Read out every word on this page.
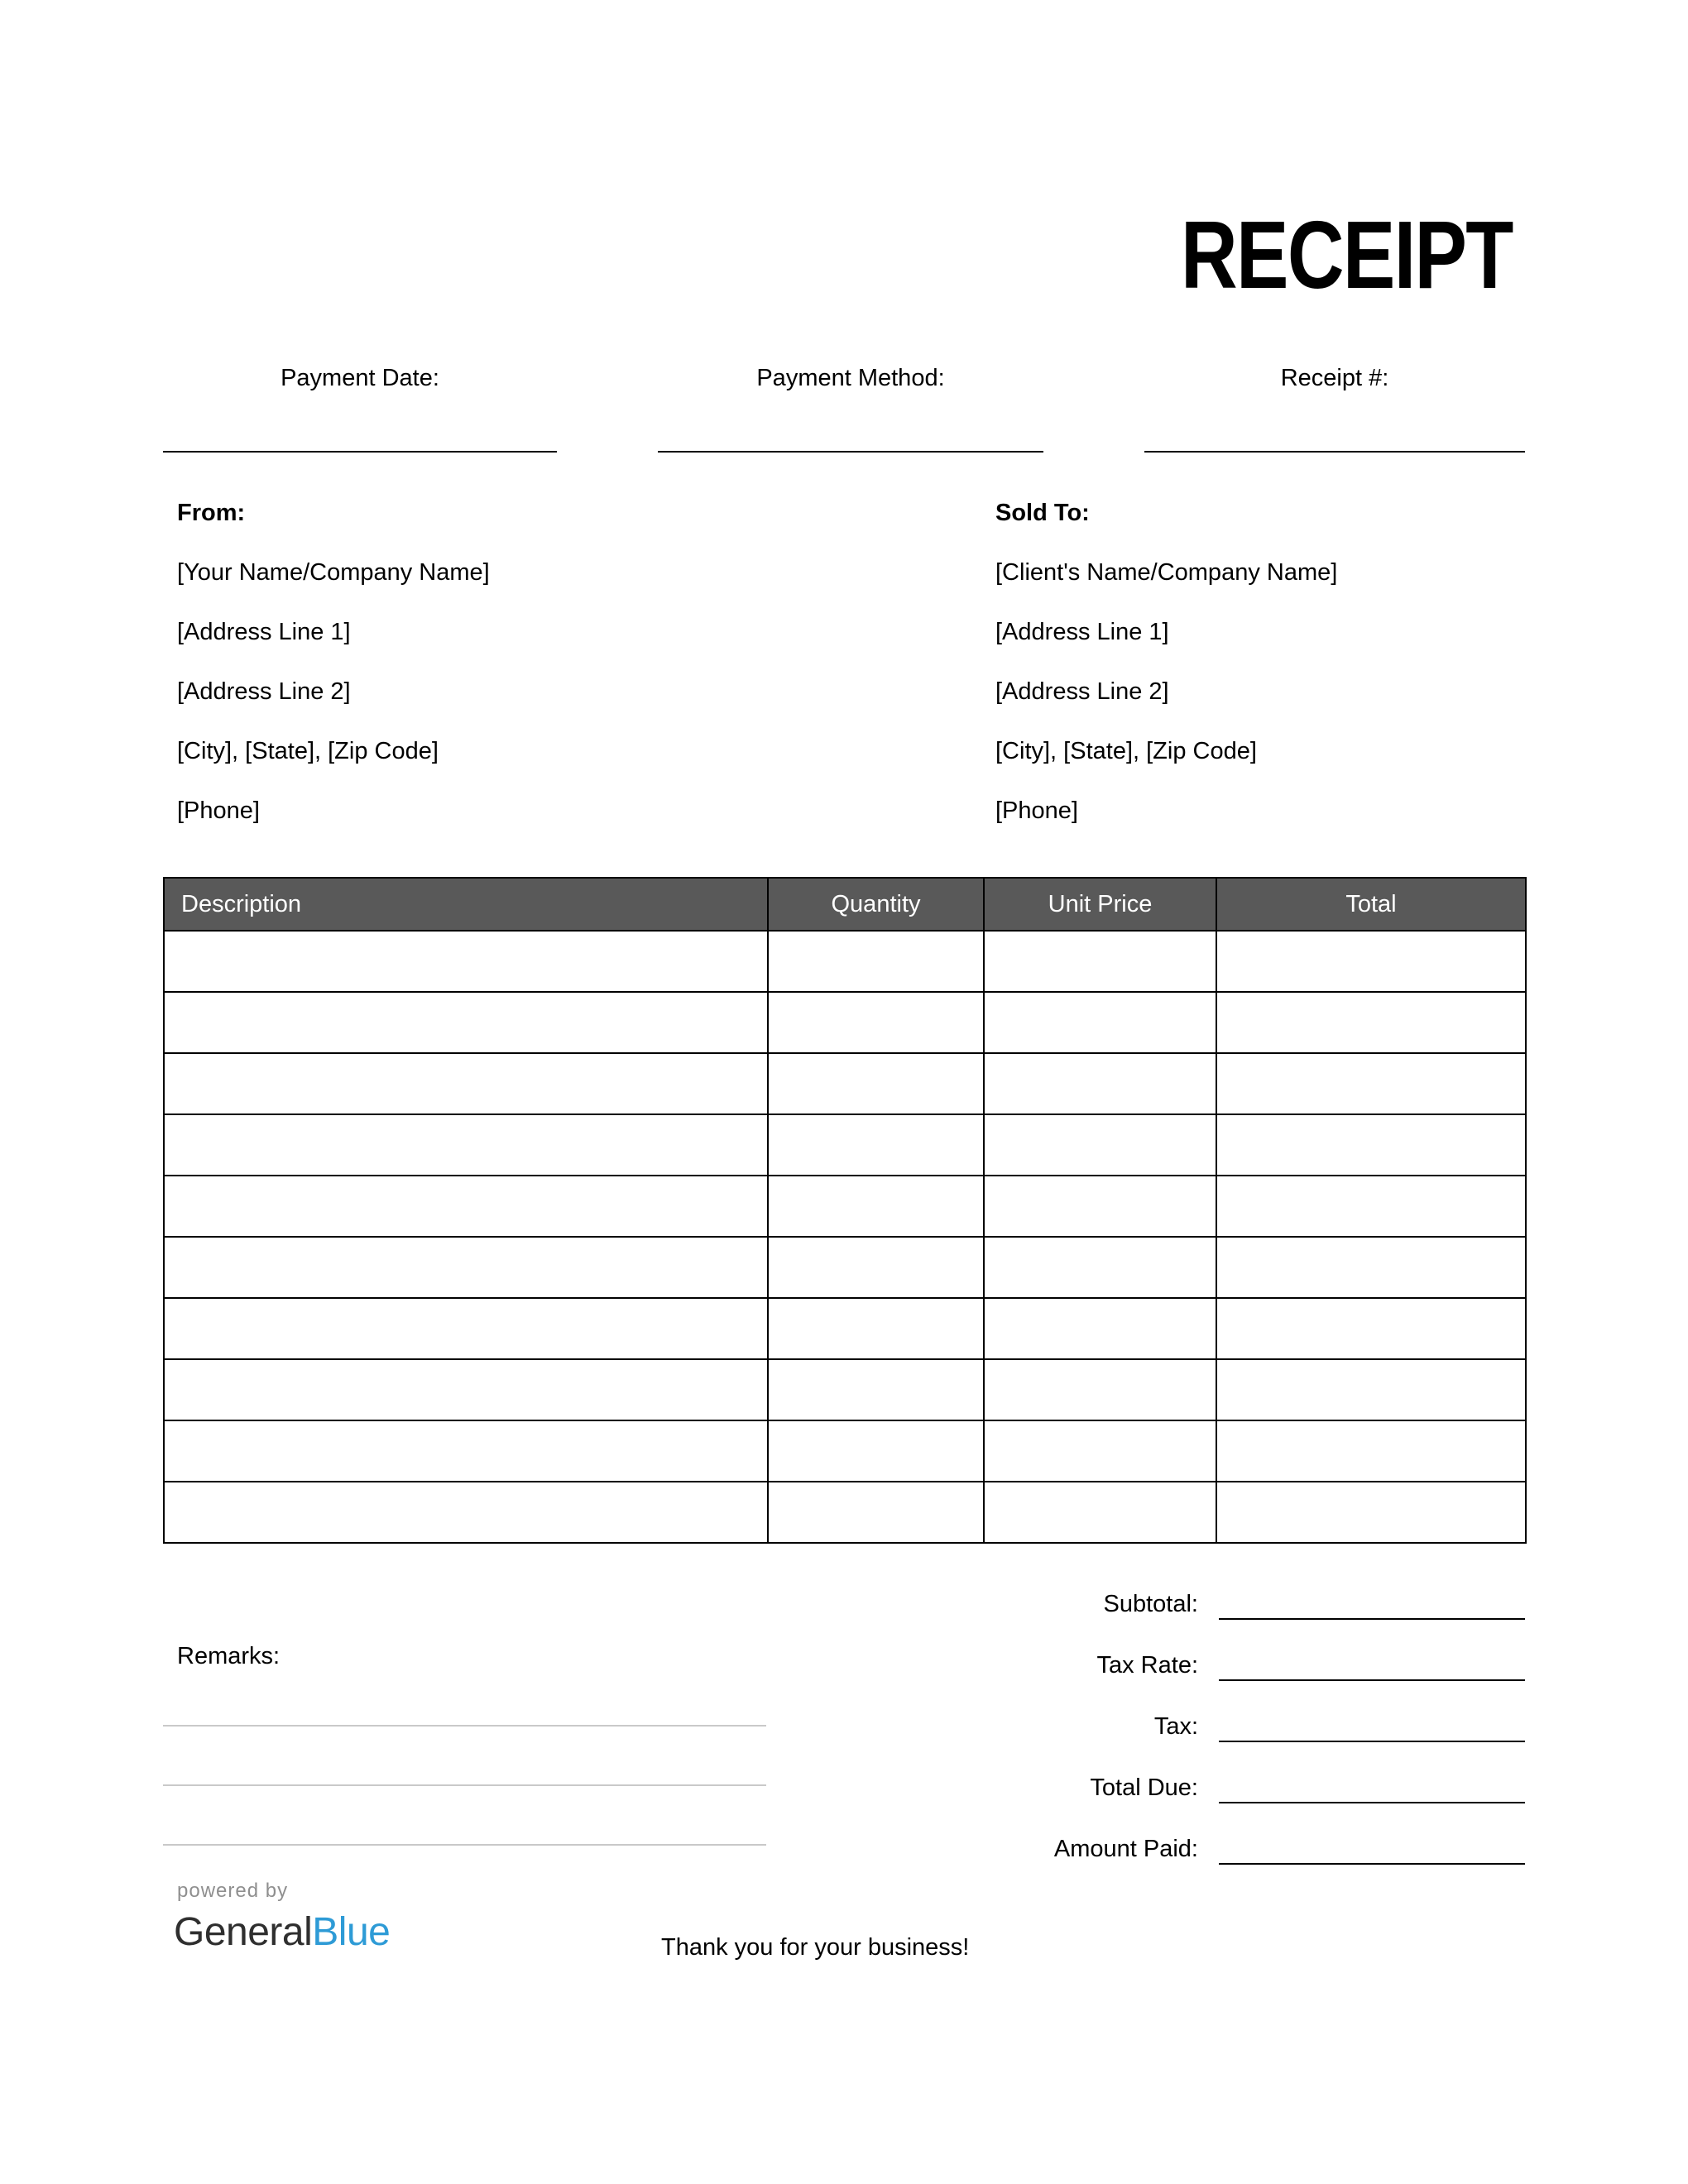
RECEIPT
Payment Date:	Payment Method:	Receipt #:
From:
[Your Name/Company Name]
[Address Line 1]
[Address Line 2]
[City], [State], [Zip Code]
[Phone]
Sold To:
[Client's Name/Company Name]
[Address Line 1]
[Address Line 2]
[City], [State], [Zip Code]
[Phone]
Description	Quantity	Unit Price	Total

Subtotal:
Tax Rate:
Tax:
Total Due:
Amount Paid:
Remarks:
powered by
GeneralBlue	Thank you for your business!
